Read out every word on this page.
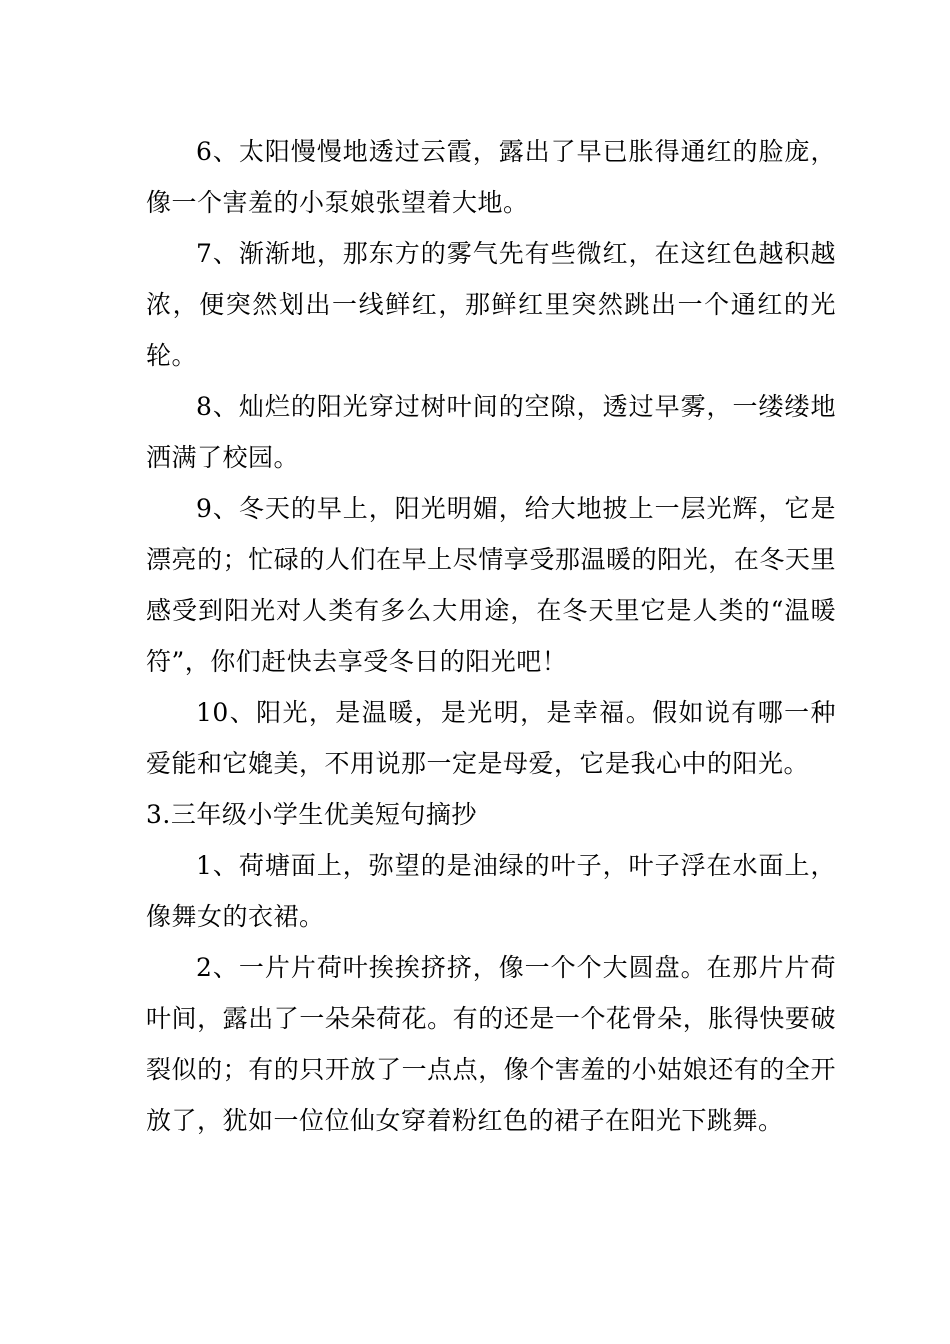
6、太阳慢慢地透过云霞，露出了早已胀得通红的脸庞，像一个害羞的小泵娘张望着大地。

7、渐渐地，那东方的雾气先有些微红，在这红色越积越浓，便突然划出一线鲜红，那鲜红里突然跳出一个通红的光轮。

8、灿烂的阳光穿过树叶间的空隙，透过早雾，一缕缕地洒满了校园。

9、冬天的早上，阳光明媚，给大地披上一层光辉，它是漂亮的；忙碌的人们在早上尽情享受那温暖的阳光，在冬天里感受到阳光对人类有多么大用途，在冬天里它是人类的“温暖符”，你们赶快去享受冬日的阳光吧！

10、阳光，是温暖，是光明，是幸福。假如说有哪一种爱能和它媲美，不用说那一定是母爱，它是我心中的阳光。

3.三年级小学生优美短句摘抄

1、荷塘面上，弥望的是油绿的叶子，叶子浮在水面上，像舞女的衣裙。

2、一片片荷叶挨挨挤挤，像一个个大圆盘。在那片片荷叶间，露出了一朵朵荷花。有的还是一个花骨朵，胀得快要破裂似的；有的只开放了一点点，像个害羞的小姑娘还有的全开放了，犹如一位位仙女穿着粉红色的裙子在阳光下跳舞。
